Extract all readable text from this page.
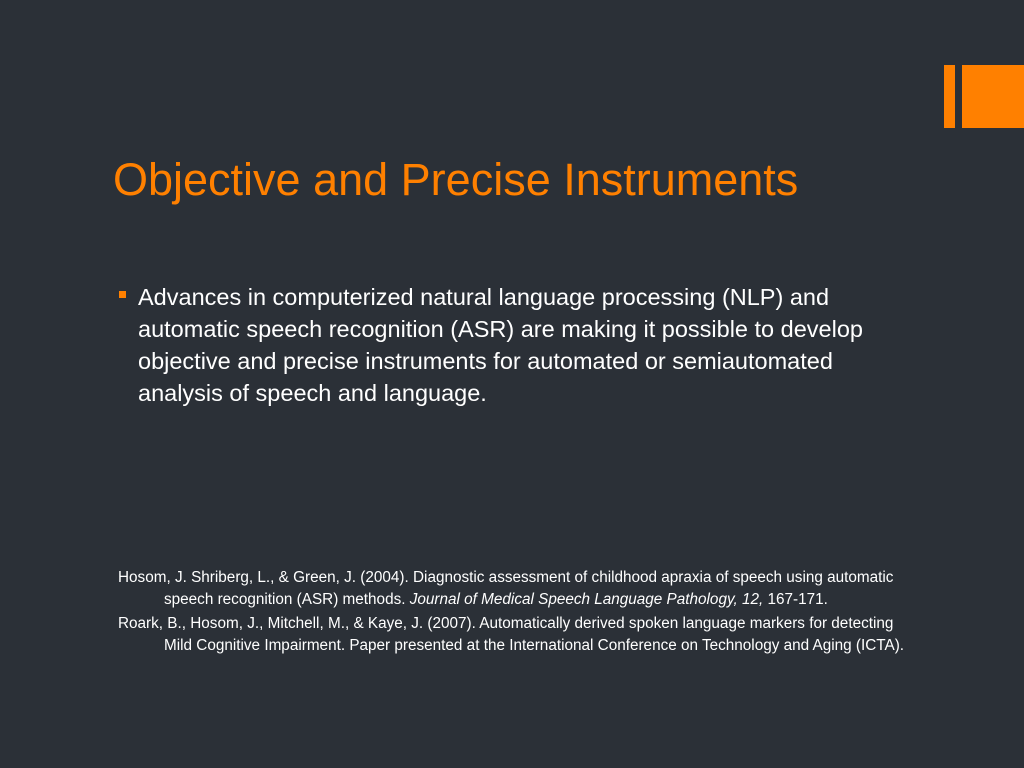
Objective and Precise Instruments
Advances in computerized natural language processing (NLP) and automatic speech recognition (ASR) are making it possible to develop objective and precise instruments for automated or semiautomated analysis of speech and language.

Hosom, J. Shriberg, L., & Green, J. (2004). Diagnostic assessment of childhood apraxia of speech using automatic speech recognition (ASR) methods. Journal of Medical Speech Language Pathology, 12, 167-171.

Roark, B., Hosom, J., Mitchell, M., & Kaye, J. (2007). Automatically derived spoken language markers for detecting Mild Cognitive Impairment. Paper presented at the International Conference on Technology and Aging (ICTA).
